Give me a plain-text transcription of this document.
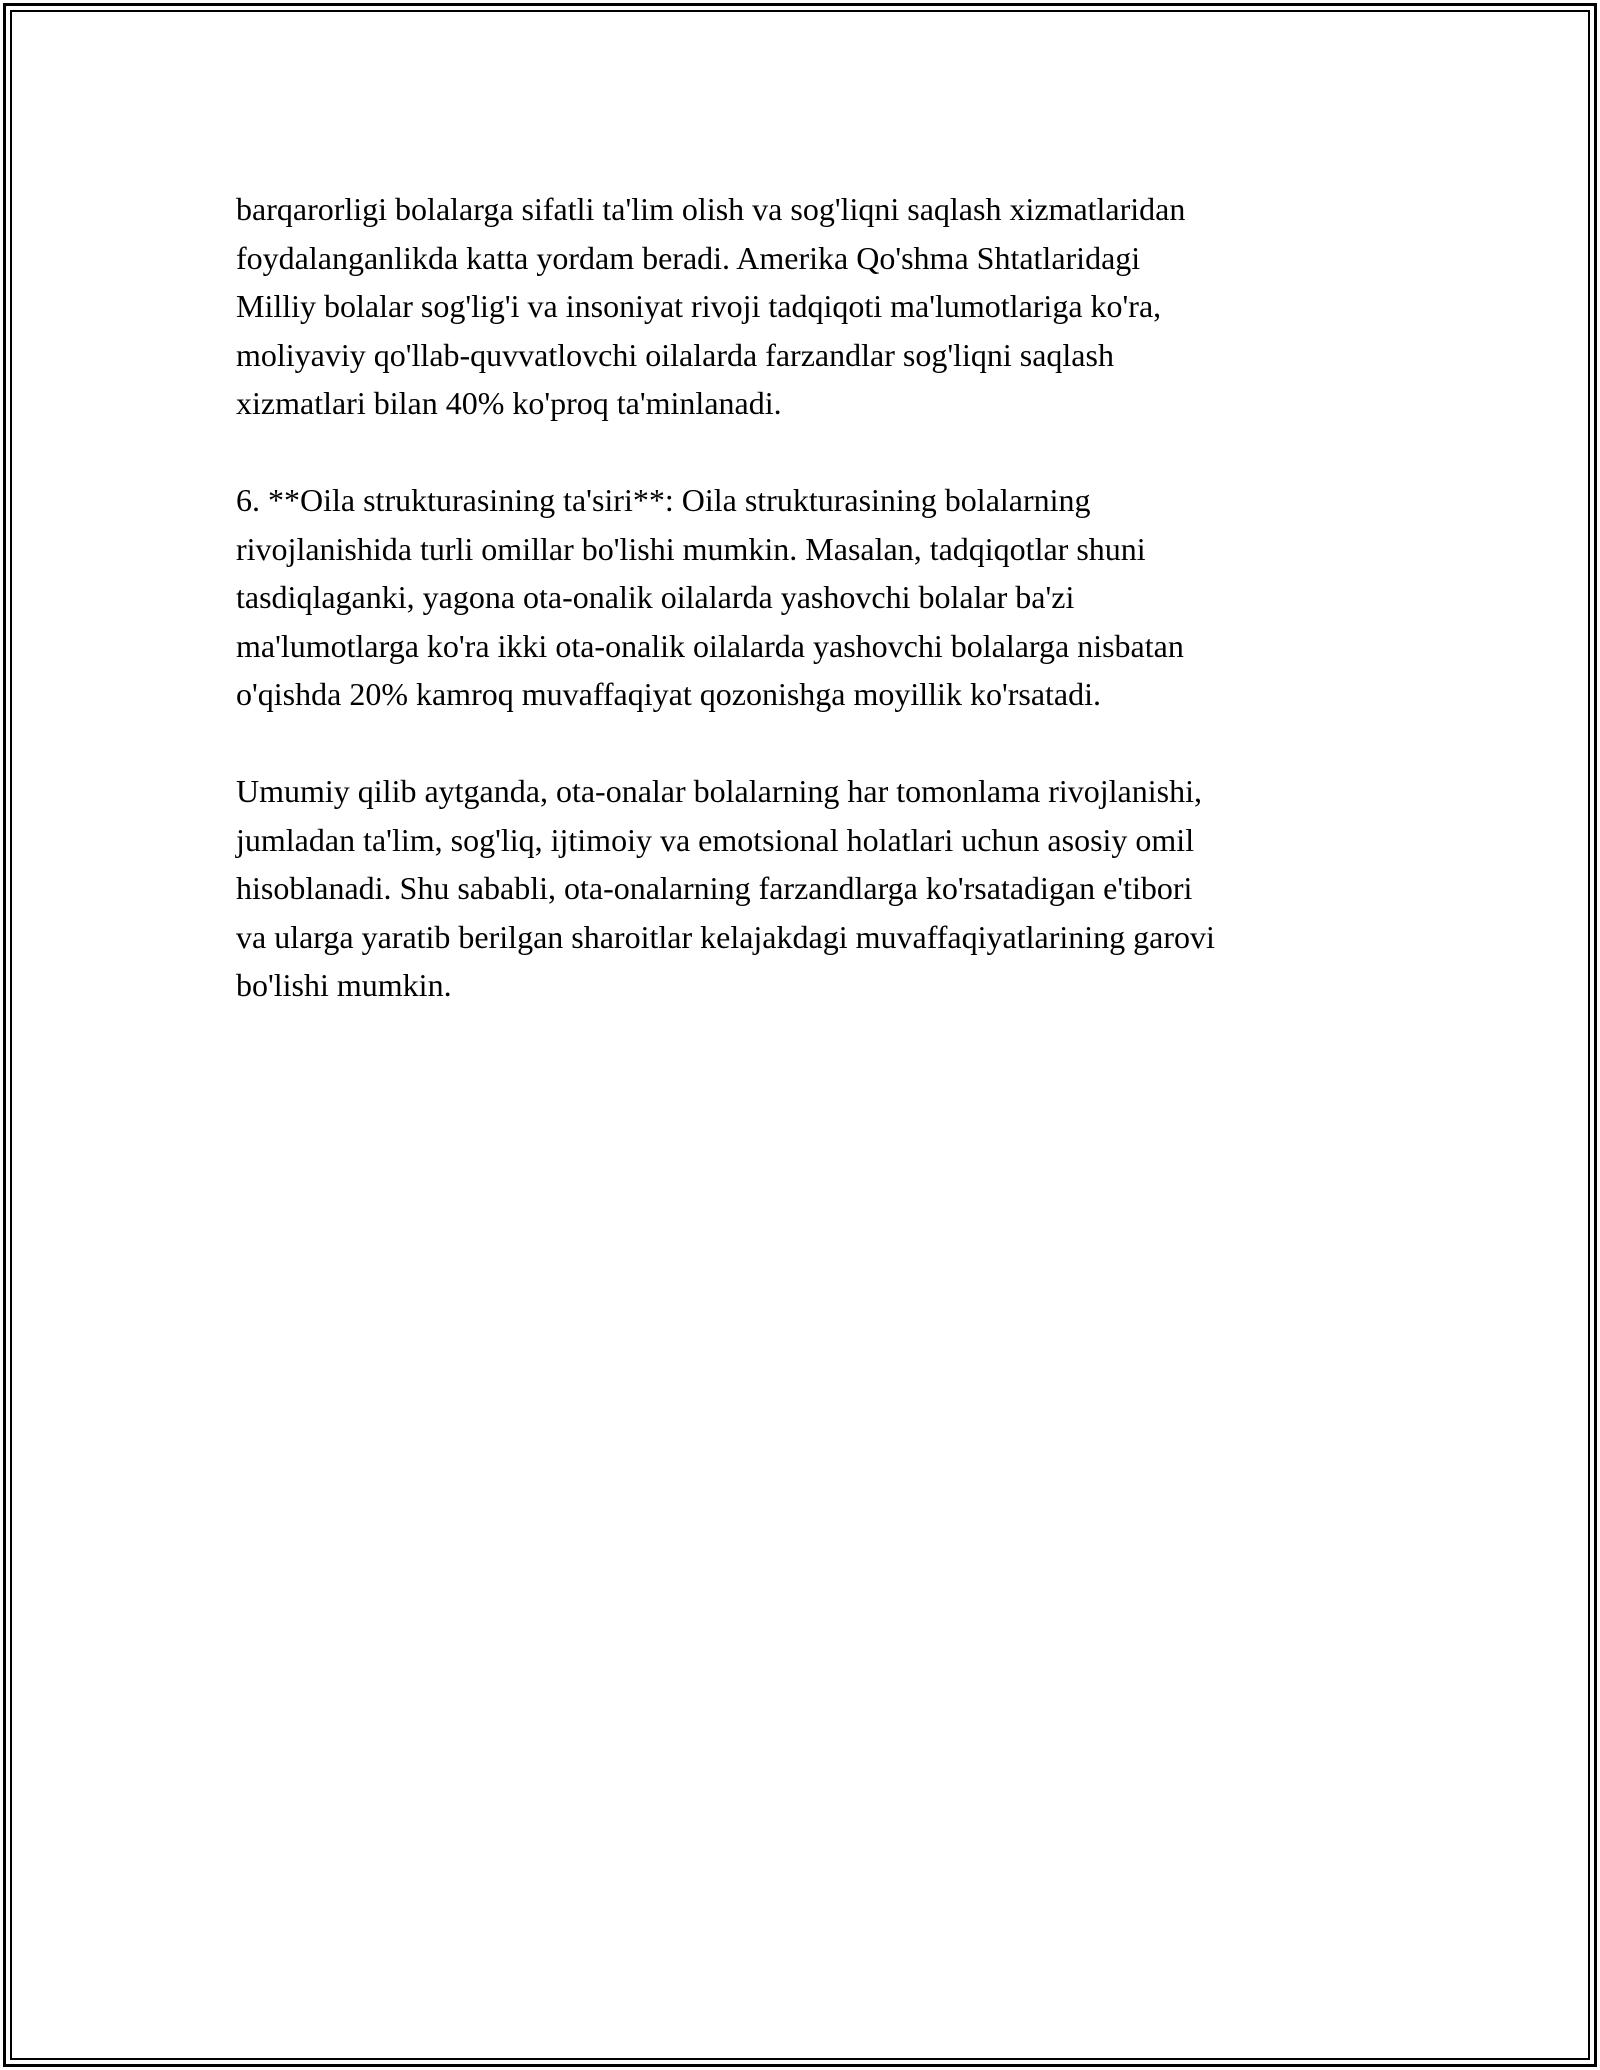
barqarorligi bolalarga sifatli ta'lim olish va sog'liqni saqlash xizmatlaridan
foydalanganlikda katta yordam beradi. Amerika Qo'shma Shtatlaridagi
Milliy bolalar sog'lig'i va insoniyat rivoji tadqiqoti ma'lumotlariga ko'ra,
moliyaviy qo'llab-quvvatlovchi oilalarda farzandlar sog'liqni saqlash
xizmatlari bilan 40% ko'proq ta'minlanadi.

6. **Oila strukturasining ta'siri**: Oila strukturasining bolalarning
rivojlanishida turli omillar bo'lishi mumkin. Masalan, tadqiqotlar shuni
tasdiqlaganki, yagona ota-onalik oilalarda yashovchi bolalar ba'zi
ma'lumotlarga ko'ra ikki ota-onalik oilalarda yashovchi bolalarga nisbatan
o'qishda 20% kamroq muvaffaqiyat qozonishga moyillik ko'rsatadi.

Umumiy qilib aytganda, ota-onalar bolalarning har tomonlama rivojlanishi,
jumladan ta'lim, sog'liq, ijtimoiy va emotsional holatlari uchun asosiy omil
hisoblanadi. Shu sababli, ota-onalarning farzandlarga ko'rsatadigan e'tibori
va ularga yaratib berilgan sharoitlar kelajakdagi muvaffaqiyatlarining garovi
bo'lishi mumkin.
